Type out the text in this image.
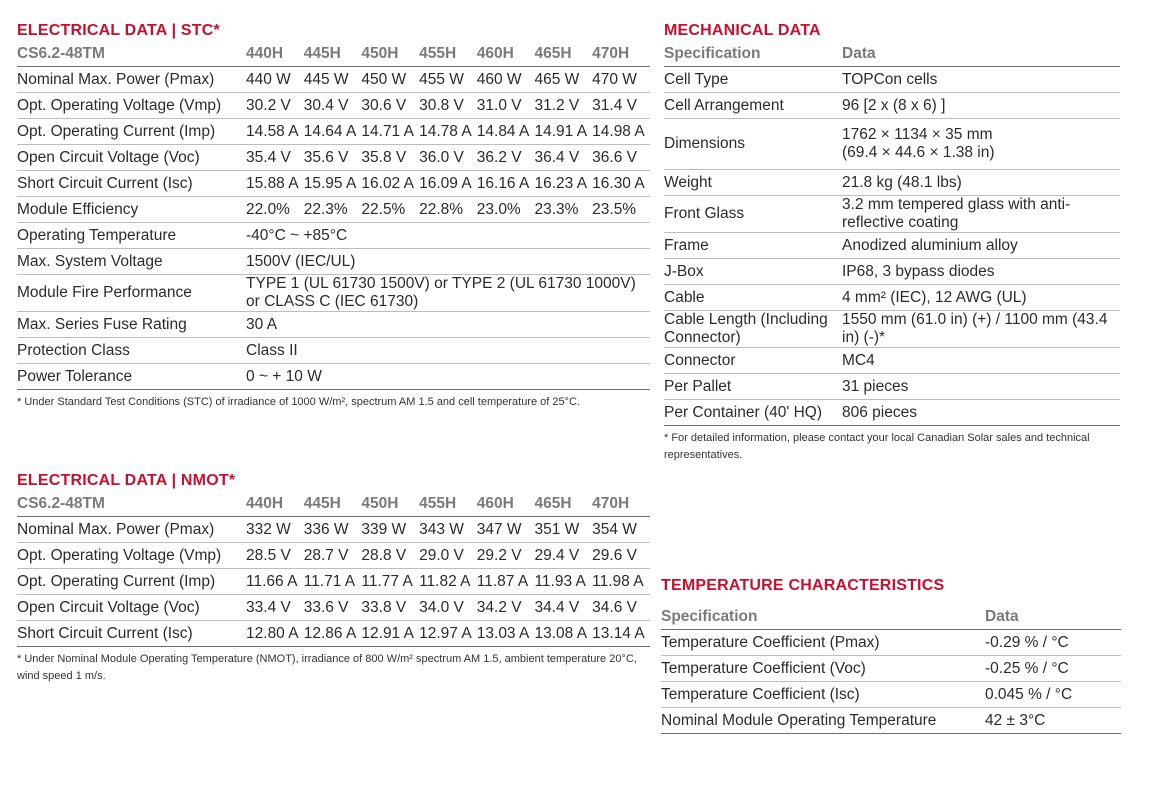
ELECTRICAL DATA | STC*
CS6.2-48TM	440H	445H	450H	455H	460H	465H	470H
Nominal Max. Power (Pmax)	440 W	445 W	450 W	455 W	460 W	465 W	470 W
Opt. Operating Voltage (Vmp)	30.2 V	30.4 V	30.6 V	30.8 V	31.0 V	31.2 V	31.4 V
Opt. Operating Current (Imp)	14.58 A	14.64 A	14.71 A	14.78 A	14.84 A	14.91 A	14.98 A
Open Circuit Voltage (Voc)	35.4 V	35.6 V	35.8 V	36.0 V	36.2 V	36.4 V	36.6 V
Short Circuit Current (Isc)	15.88 A	15.95 A	16.02 A	16.09 A	16.16 A	16.23 A	16.30 A
Module Efficiency	22.0%	22.3%	22.5%	22.8%	23.0%	23.3%	23.5%
Operating Temperature	-40°C ~ +85°C						
Max. System Voltage	1500V (IEC/UL)						
Module Fire Performance	TYPE 1 (UL 61730 1500V) or TYPE 2 (UL 61730 1000V) or CLASS C (IEC 61730)						
Max. Series Fuse Rating	30 A						
Protection Class	Class II						
Power Tolerance	0 ~ + 10 W						
* Under Standard Test Conditions (STC) of irradiance of 1000 W/m², spectrum AM 1.5 and cell temperature of 25°C.
ELECTRICAL DATA | NMOT*
CS6.2-48TM	440H	445H	450H	455H	460H	465H	470H
Nominal Max. Power (Pmax)	332 W	336 W	339 W	343 W	347 W	351 W	354 W
Opt. Operating Voltage (Vmp)	28.5 V	28.7 V	28.8 V	29.0 V	29.2 V	29.4 V	29.6 V
Opt. Operating Current (Imp)	11.66 A	11.71 A	11.77 A	11.82 A	11.87 A	11.93 A	11.98 A
Open Circuit Voltage (Voc)	33.4 V	33.6 V	33.8 V	34.0 V	34.2 V	34.4 V	34.6 V
Short Circuit Current (Isc)	12.80 A	12.86 A	12.91 A	12.97 A	13.03 A	13.08 A	13.14 A
* Under Nominal Module Operating Temperature (NMOT), irradiance of 800 W/m² spectrum AM 1.5, ambient temperature 20°C, wind speed 1 m/s.
MECHANICAL DATA
Specification	Data
Cell Type	TOPCon cells
Cell Arrangement	96 [2 x (8 x 6) ]
Dimensions	1762 × 1134 × 35 mm
(69.4 × 44.6 × 1.38 in)

Weight	21.8 kg (48.1 lbs)
Front Glass	3.2 mm tempered glass with anti-reflective coating
Frame	Anodized aluminium alloy
J-Box	IP68, 3 bypass diodes
Cable	4 mm² (IEC), 12 AWG (UL)
Cable Length (Including Connector)	1550 mm (61.0 in) (+) / 1100 mm (43.4 in) (-)*
Connector	MC4
Per Pallet	31 pieces
Per Container (40' HQ)	806 pieces
* For detailed information, please contact your local Canadian Solar sales and technical representatives.
TEMPERATURE CHARACTERISTICS
Specification	Data
Temperature Coefficient (Pmax)	-0.29 % / °C
Temperature Coefficient (Voc)	-0.25 % / °C
Temperature Coefficient (Isc)	0.045 % / °C
Nominal Module Operating Temperature	42 ± 3°C
